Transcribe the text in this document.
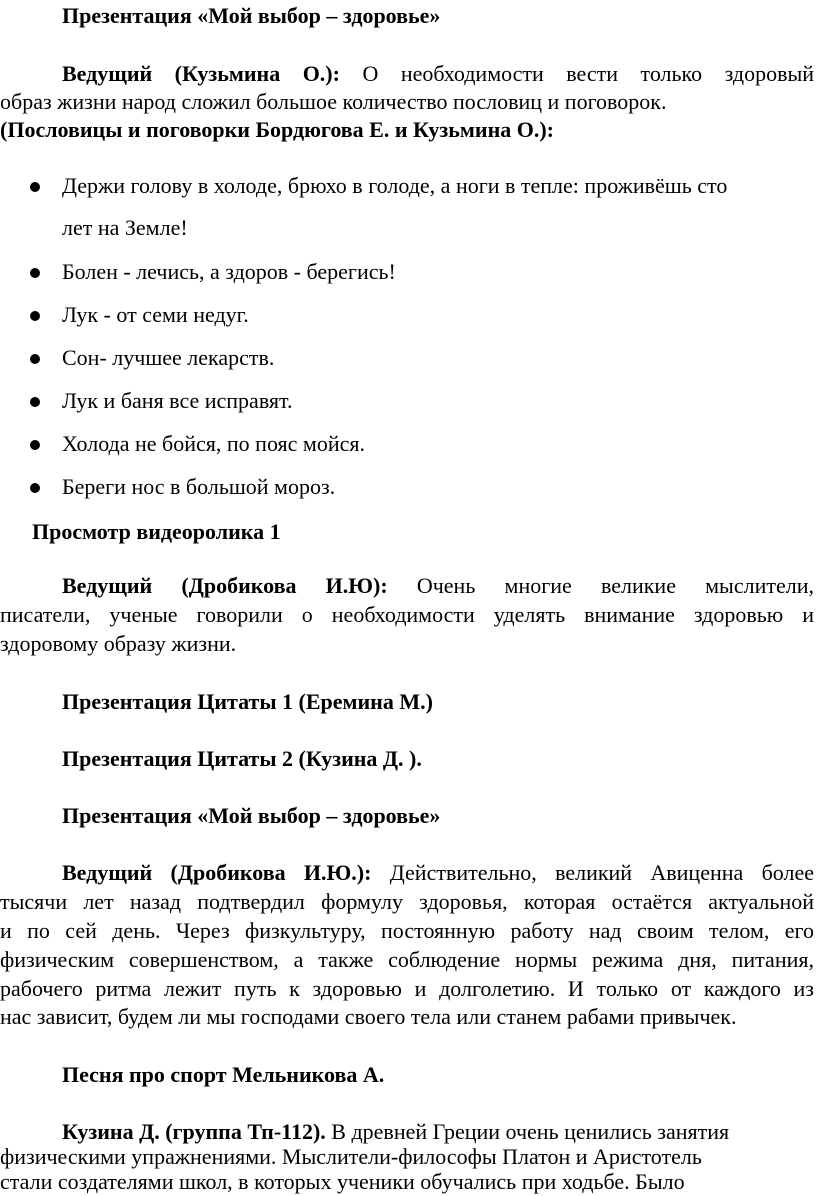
Презентация «Мой выбор – здоровье»
Ведущий (Кузьмина О.): О необходимости вести только здоровый
образ жизни народ сложил большое количество пословиц и поговорок.
(Пословицы и поговорки Бордюгова Е. и Кузьмина О.):
Держи голову в холоде, брюхо в голоде, а ноги в тепле: проживёшь сто
лет на Земле!
Болен - лечись, а здоров - берегись!
Лук - от семи недуг.
Сон- лучшее лекарств.
Лук и баня все исправят.
Холода не бойся, по пояс мойся.
Береги нос в большой мороз.
Просмотр видеоролика 1
Ведущий (Дробикова И.Ю): Очень многие великие мыслители,
писатели, ученые говорили о необходимости уделять внимание здоровью и
здоровому образу жизни.
Презентация Цитаты 1 (Еремина М.)
Презентация Цитаты 2 (Кузина Д. ).
Презентация «Мой выбор – здоровье»
Ведущий (Дробикова И.Ю.): Действительно, великий Авиценна более
тысячи лет назад подтвердил формулу здоровья, которая остаётся актуальной
и по сей день. Через физкультуру, постоянную работу над своим телом, его
физическим совершенством, а также соблюдение нормы режима дня, питания,
рабочего ритма лежит путь к здоровью и долголетию. И только от каждого из
нас зависит, будем ли мы господами своего тела или станем рабами привычек.
Песня про спорт Мельникова А.
Кузина Д. (группа Тп-112). В древней Греции очень ценились занятия
физическими упражнениями. Мыслители-философы Платон и Аристотель
стали создателями школ, в которых ученики обучались при ходьбе. Было
